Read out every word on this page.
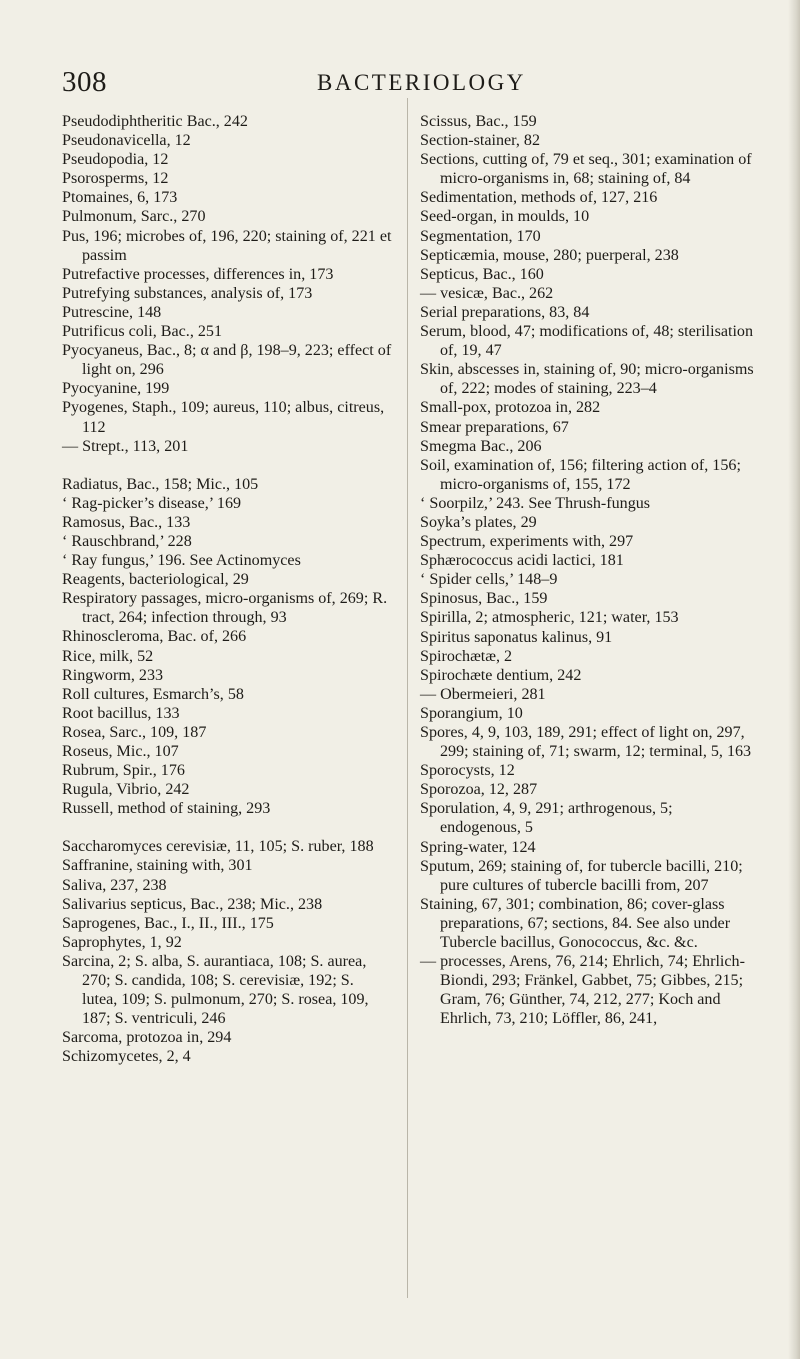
308	BACTERIOLOGY
Pseudodiphtheritic Bac., 242
Pseudonavicella, 12
Pseudopodia, 12
Psorosperms, 12
Ptomaines, 6, 173
Pulmonum, Sarc., 270
Pus, 196; microbes of, 196, 220; staining of, 221 et passim
Putrefactive processes, differences in, 173
Putrefying substances, analysis of, 173
Putrescine, 148
Putrificus coli, Bac., 251
Pyocyaneus, Bac., 8; α and β, 198–9, 223; effect of light on, 296
Pyocyanine, 199
Pyogenes, Staph., 109; aureus, 110; albus, citreus, 112
— Strept., 113, 201
Radiatus, Bac., 158; Mic., 105
‘ Rag-picker’s disease,’ 169
Ramosus, Bac., 133
‘ Rauschbrand,’ 228
‘ Ray fungus,’ 196. See Actinomyces
Reagents, bacteriological, 29
Respiratory passages, micro-organisms of, 269; R. tract, 264; infection through, 93
Rhinoscleroma, Bac. of, 266
Rice, milk, 52
Ringworm, 233
Roll cultures, Esmarch’s, 58
Root bacillus, 133
Rosea, Sarc., 109, 187
Roseus, Mic., 107
Rubrum, Spir., 176
Rugula, Vibrio, 242
Russell, method of staining, 293
Saccharomyces cerevisiæ, 11, 105; S. ruber, 188
Saffranine, staining with, 301
Saliva, 237, 238
Salivarius septicus, Bac., 238; Mic., 238
Saprogenes, Bac., I., II., III., 175
Saprophytes, 1, 92
Sarcina, 2; S. alba, S. aurantiaca, 108; S. aurea, 270; S. candida, 108; S. cerevisiæ, 192; S. lutea, 109; S. pulmonum, 270; S. rosea, 109, 187; S. ventriculi, 246
Sarcoma, protozoa in, 294
Schizomycetes, 2, 4
Scissus, Bac., 159
Section-stainer, 82
Sections, cutting of, 79 et seq., 301; examination of micro-organisms in, 68; staining of, 84
Sedimentation, methods of, 127, 216
Seed-organ, in moulds, 10
Segmentation, 170
Septicæmia, mouse, 280; puerperal, 238
Septicus, Bac., 160
— vesicæ, Bac., 262
Serial preparations, 83, 84
Serum, blood, 47; modifications of, 48; sterilisation of, 19, 47
Skin, abscesses in, staining of, 90; micro-organisms of, 222; modes of staining, 223–4
Small-pox, protozoa in, 282
Smear preparations, 67
Smegma Bac., 206
Soil, examination of, 156; filtering action of, 156; micro-organisms of, 155, 172
‘ Soorpilz,’ 243. See Thrush-fungus
Soyka’s plates, 29
Spectrum, experiments with, 297
Sphærococcus acidi lactici, 181
‘ Spider cells,’ 148–9
Spinosus, Bac., 159
Spirilla, 2; atmospheric, 121; water, 153
Spiritus saponatus kalinus, 91
Spirochætæ, 2
Spirochæte dentium, 242
— Obermeieri, 281
Sporangium, 10
Spores, 4, 9, 103, 189, 291; effect of light on, 297, 299; staining of, 71; swarm, 12; terminal, 5, 163
Sporocysts, 12
Sporozoa, 12, 287
Sporulation, 4, 9, 291; arthrogenous, 5; endogenous, 5
Spring-water, 124
Sputum, 269; staining of, for tubercle bacilli, 210; pure cultures of tubercle bacilli from, 207
Staining, 67, 301; combination, 86; cover-glass preparations, 67; sections, 84. See also under Tubercle bacillus, Gonococcus, &c. &c.
— processes, Arens, 76, 214; Ehrlich, 74; Ehrlich-Biondi, 293; Fränkel, Gabbet, 75; Gibbes, 215; Gram, 76; Günther, 74, 212, 277; Koch and Ehrlich, 73, 210; Löffler, 86, 241,
